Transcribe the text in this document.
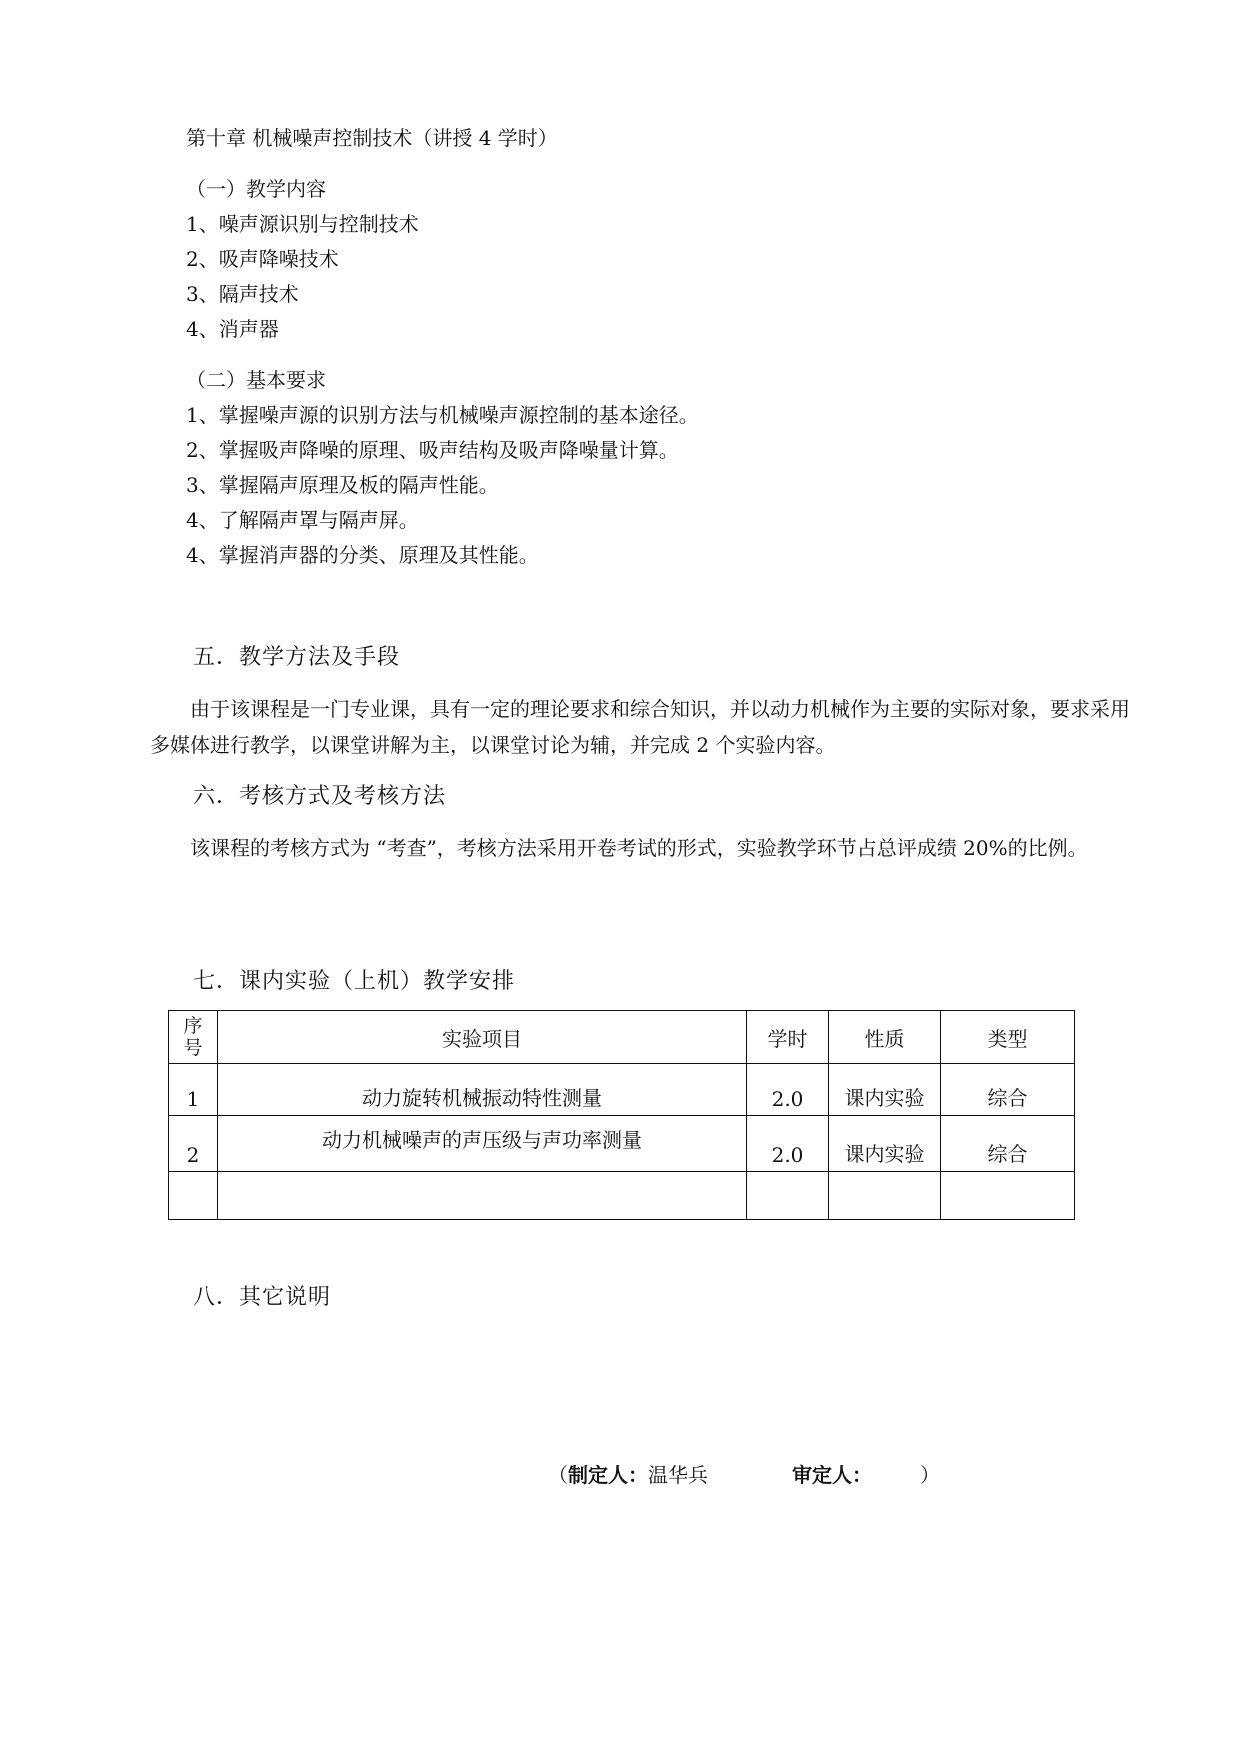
第十章 机械噪声控制技术（讲授 4 学时）
（一）教学内容
1、噪声源识别与控制技术
2、吸声降噪技术
3、隔声技术
4、消声器
（二）基本要求
1、掌握噪声源的识别方法与机械噪声源控制的基本途径。
2、掌握吸声降噪的原理、吸声结构及吸声降噪量计算。
3、掌握隔声原理及板的隔声性能。
4、了解隔声罩与隔声屏。
4、掌握消声器的分类、原理及其性能。
五．教学方法及手段
由于该课程是一门专业课，具有一定的理论要求和综合知识，并以动力机械作为主要的实际对象，要求采用多媒体进行教学，以课堂讲解为主，以课堂讨论为辅，并完成 2 个实验内容。
六．考核方式及考核方法
该课程的考核方式为 “考查”，考核方法采用开卷考试的形式，实验教学环节占总评成绩 20%的比例。
七．课内实验（上机）教学安排
序
号	实验项目	学时	性质	类型
1	动力旋转机械振动特性测量	2.0	课内实验	综合
2	动力机械噪声的声压级与声功率测量	2.0	课内实验	综合

八．其它说明
（制定人：温华兵	审定人： ）
